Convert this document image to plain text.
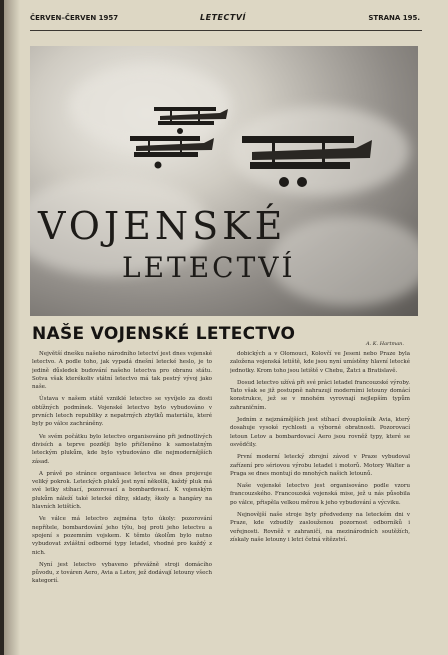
ČERVEN–ČERVEN 1957	LETECTVÍ	STRANA 195.
VOJENSKÉ
LETECTVÍ
NAŠE VOJENSKÉ LETECTVO	A. K. Hartman.

Největší dnešku našeho národního letectví jest dnes vojenské letectvo. A podle toho, jak vypadá dnešní letecké heslo, je to jedině důsledek budování našeho letectva pro obranu státu. Sotva však kterékoliv státní letectvo má tak pestrý vývoj jako naše.

Ústava v našem státě vzniklé letectvo se vyvíjelo za dosti obtížných podmínek. Vojenské letectvo bylo vybudováno v prvních letech republiky z nepatrných zbytků materiálu, které byly po válce zachráněny.

Ve svém počátku bylo letectvo organisováno při jednotlivých divisích a teprve později bylo přičleněno k samostatným leteckým plukům, kde bylo vybudováno dle nejmodernějších zásad.

A právě po stránce organisace letectva se dnes projevuje veliký pokrok. Leteckých pluků jest nyní několik, každý pluk má své letky stíhací, pozorovací a bombardovací. K vojenským plukům náleží také letecké dílny, sklady, školy a hangáry na hlavních letištích.

Ve válce má letectvo zejména tyto úkoly: pozorování nepřítele, bombardování jeho týlu, boj proti jeho letectvu a spojení s pozemním vojskem. K těmto úkolům bylo nutno vybudovat zvláštní odborné typy letadel, vhodné pro každý z nich.

Nyní jest letectvo vybaveno převážně stroji domácího původu, z továren Aero, Avia a Letov, jež dodávají letouny všech kategorií.

dobických a v Olomouci, Kolovčí ve Jeseni nebo Praze byla založena vojenská letiště, kde jsou nyní umístěny hlavní letecké jednotky. Krom toho jsou letiště v Chebu, Žatci a Bratislavě.

Dosud letectvo užívá při své práci letadel francouzské výroby. Tato však se již postupně nahrazují moderními letouny domácí konstrukce, jež se v mnohém vyrovnají nejlepším typům zahraničním.

Jedním z nejznámějších jest stíhací dvouplošník Avia, který dosahuje vysoké rychlosti a výborné obratnosti. Pozorovací letoun Letov a bombardovací Aero jsou rovněž typy, které se osvědčily.

První moderní letecký zbrojní závod v Praze vybudoval zařízení pro sériovou výrobu letadel i motorů. Motory Walter a Praga se dnes montují do mnohých našich letounů.

Naše vojenské letectvo jest organisováno podle vzoru francouzského. Francouzská vojenská mise, jež u nás působila po válce, přispěla velkou měrou k jeho vybudování a výcviku.

Nejnovější naše stroje byly předvedeny na leteckém dni v Praze, kde vzbudily zaslouženou pozornost odborníků i veřejnosti. Rovněž v zahraničí, na mezinárodních soutěžích, získaly naše letouny i letci četná vítězství.
